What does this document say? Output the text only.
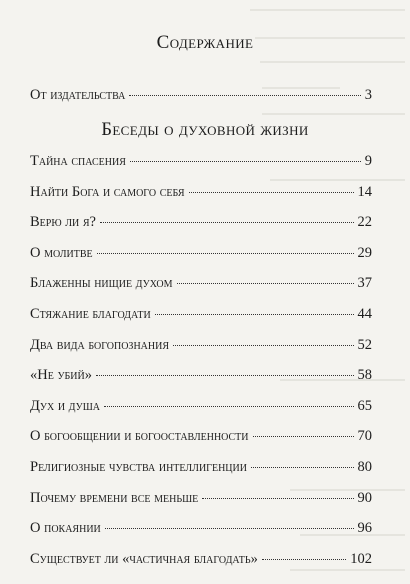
Содержание
От издательства	3
Беседы о духовной жизни
Тайна спасения	9
Найти Бога и самого себя	14
Верю ли я?	22
О молитве	29
Блаженны нищие духом	37
Стяжание благодати	44
Два вида богопознания	52
«Не убий»	58
Дух и душа	65
О богообщении и богооставленности	70
Религиозные чувства интеллигенции	80
Почему времени все меньше	90
О покаянии	96
Существует ли «частичная благодать»	102
